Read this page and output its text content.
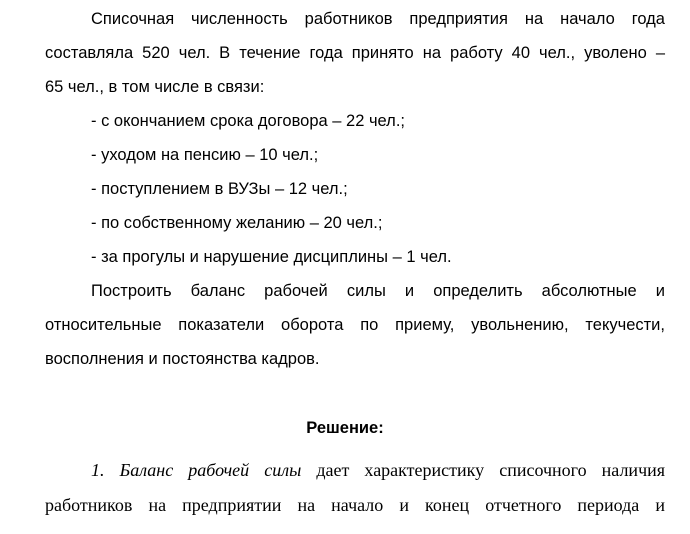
Списочная численность работников предприятия на начало года
составляла 520 чел. В течение года принято на работу 40 чел., уволено –
65 чел., в том числе в связи:
- с окончанием срока договора – 22 чел.;
- уходом на пенсию – 10 чел.;
- поступлением в ВУЗы – 12 чел.;
- по собственному желанию – 20 чел.;
- за прогулы и нарушение дисциплины – 1 чел.
Построить баланс рабочей силы и определить абсолютные и
относительные показатели оборота по приему, увольнению, текучести,
восполнения и постоянства кадров.
Решение:
1. Баланс рабочей силы дает характеристику списочного наличия
работников на предприятии на начало и конец отчетного периода и
